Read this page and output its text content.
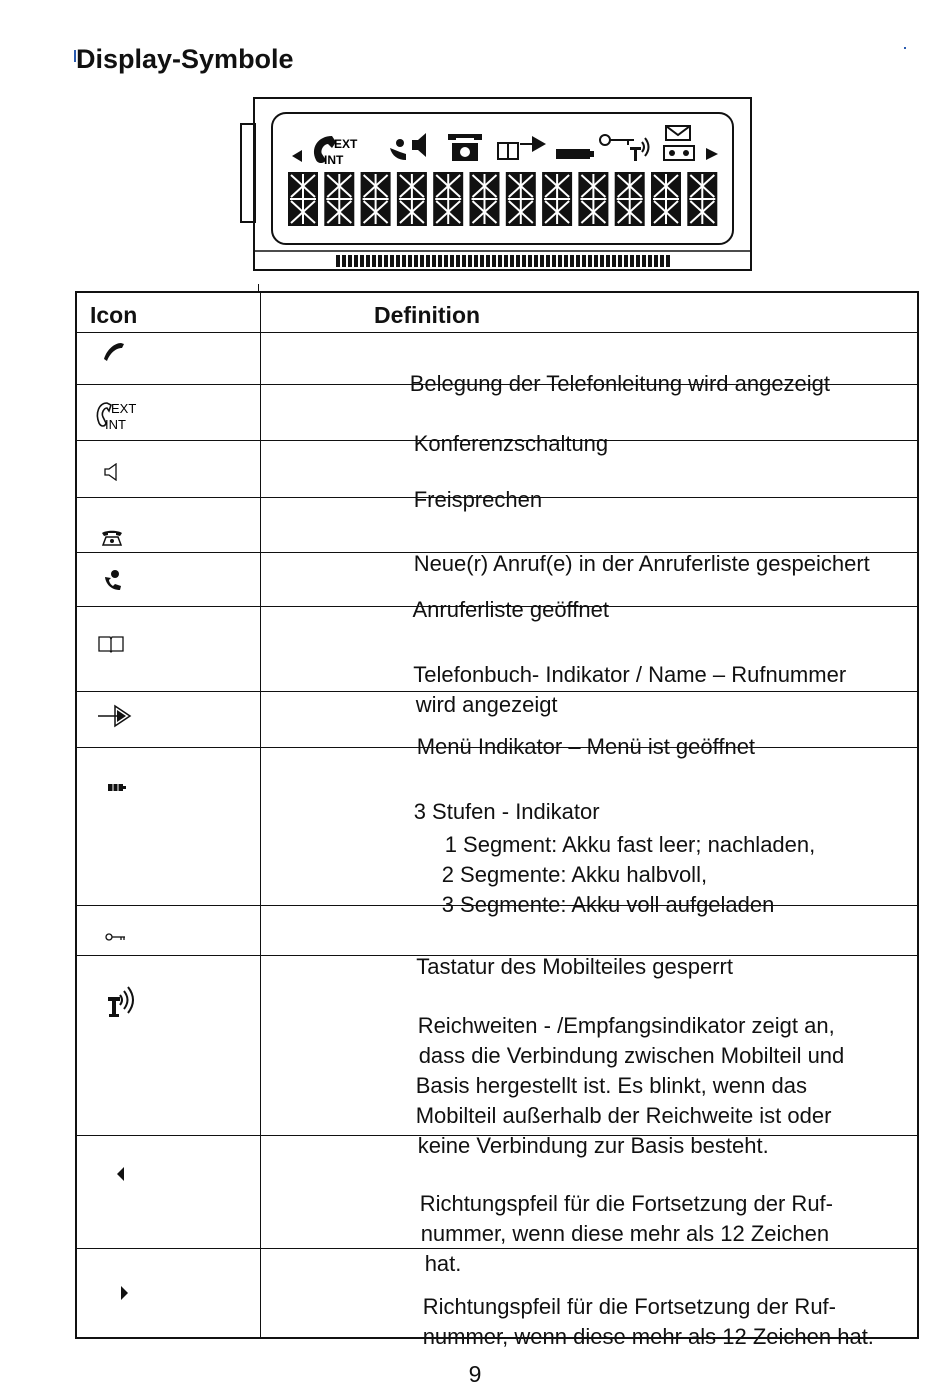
Display-Symbole
EXT
INT
Icon	Definition

Belegung der Telefonleitung wird angezeigt

EXT
INT

Konferenzschaltung

Freisprechen

Neue(r) Anruf(e) in der Anruferliste gespeichert

Anruferliste geöffnet

Telefonbuch- Indikator / Name – Rufnummer

wird angezeigt

Menü Indikator – Menü ist geöffnet

3 Stufen - Indikator

1 Segment: Akku fast leer; nachladen,

2 Segmente: Akku halbvoll,

3 Segmente: Akku voll aufgeladen

Tastatur des Mobilteiles gesperrt

Reichweiten - /Empfangsindikator zeigt an,

dass die Verbindung zwischen Mobilteil und

Basis hergestellt ist. Es blinkt, wenn das

Mobilteil außerhalb der Reichweite ist oder

keine Verbindung zur Basis besteht.

Richtungspfeil für die Fortsetzung der Ruf-

nummer, wenn diese mehr als 12 Zeichen

hat.

Richtungspfeil für die Fortsetzung der Ruf-

nummer, wenn diese mehr als 12 Zeichen hat.

9
